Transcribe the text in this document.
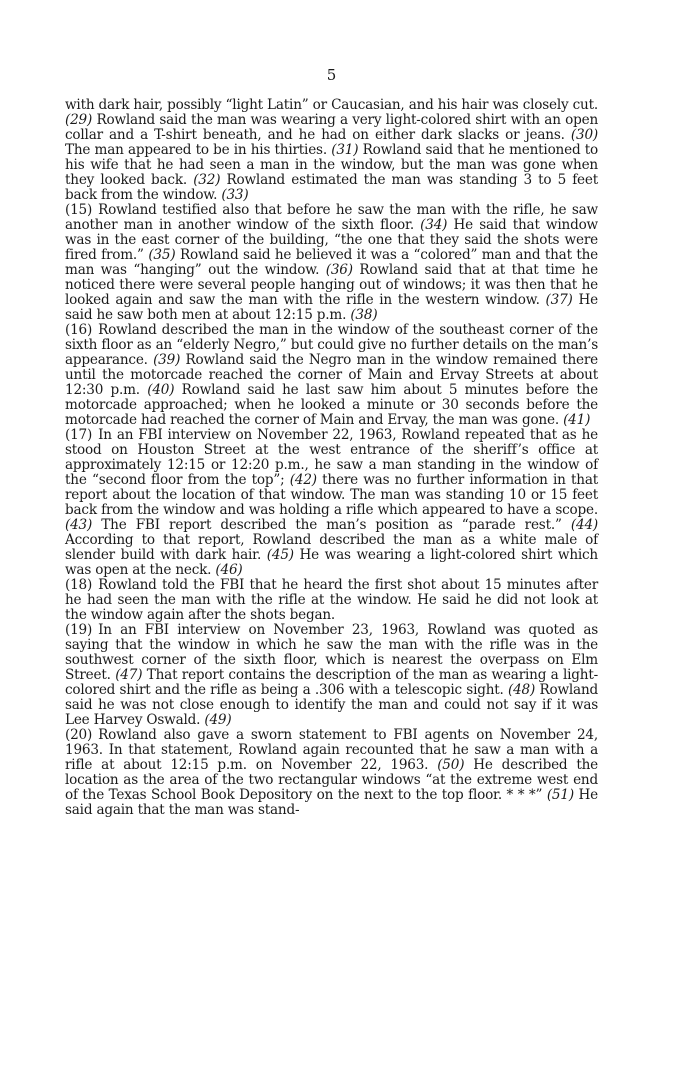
5

with dark hair, possibly “light Latin” or Caucasian, and his hair was closely cut. (29) Rowland said the man was wearing a very light-colored shirt with an open collar and a T-shirt beneath, and he had on either dark slacks or jeans. (30) The man appeared to be in his thirties. (31) Rowland said that he mentioned to his wife that he had seen a man in the window, but the man was gone when they looked back. (32) Rowland estimated the man was standing 3 to 5 feet back from the window. (33)

(15) Rowland testified also that before he saw the man with the rifle, he saw another man in another window of the sixth floor. (34) He said that window was in the east corner of the building, “the one that they said the shots were fired from.” (35) Rowland said he believed it was a “colored” man and that the man was “hanging” out the window. (36) Rowland said that at that time he noticed there were several people hanging out of windows; it was then that he looked again and saw the man with the rifle in the western window. (37) He said he saw both men at about 12:15 p.m. (38)

(16) Rowland described the man in the window of the southeast corner of the sixth floor as an “elderly Negro,” but could give no further details on the man’s appearance. (39) Rowland said the Negro man in the window remained there until the motorcade reached the corner of Main and Ervay Streets at about 12:30 p.m. (40) Rowland said he last saw him about 5 minutes before the motorcade approached; when he looked a minute or 30 seconds before the motorcade had reached the corner of Main and Ervay, the man was gone. (41)

(17) In an FBI interview on November 22, 1963, Rowland repeated that as he stood on Houston Street at the west entrance of the sheriff’s office at approximately 12:15 or 12:20 p.m., he saw a man standing in the window of the “second floor from the top”; (42) there was no further information in that report about the location of that window. The man was standing 10 or 15 feet back from the window and was holding a rifle which appeared to have a scope. (43) The FBI report described the man’s position as “parade rest.” (44) According to that report, Rowland described the man as a white male of slender build with dark hair. (45) He was wearing a light-colored shirt which was open at the neck. (46)

(18) Rowland told the FBI that he heard the first shot about 15 minutes after he had seen the man with the rifle at the window. He said he did not look at the window again after the shots began.

(19) In an FBI interview on November 23, 1963, Rowland was quoted as saying that the window in which he saw the man with the rifle was in the southwest corner of the sixth floor, which is nearest the overpass on Elm Street. (47) That report contains the description of the man as wearing a light-colored shirt and the rifle as being a .306 with a telescopic sight. (48) Rowland said he was not close enough to identify the man and could not say if it was Lee Harvey Oswald. (49)

(20) Rowland also gave a sworn statement to FBI agents on November 24, 1963. In that statement, Rowland again recounted that he saw a man with a rifle at about 12:15 p.m. on November 22, 1963. (50) He described the location as the area of the two rectangular windows “at the extreme west end of the Texas School Book Depository on the next to the top floor. * * *” (51) He said again that the man was stand-
